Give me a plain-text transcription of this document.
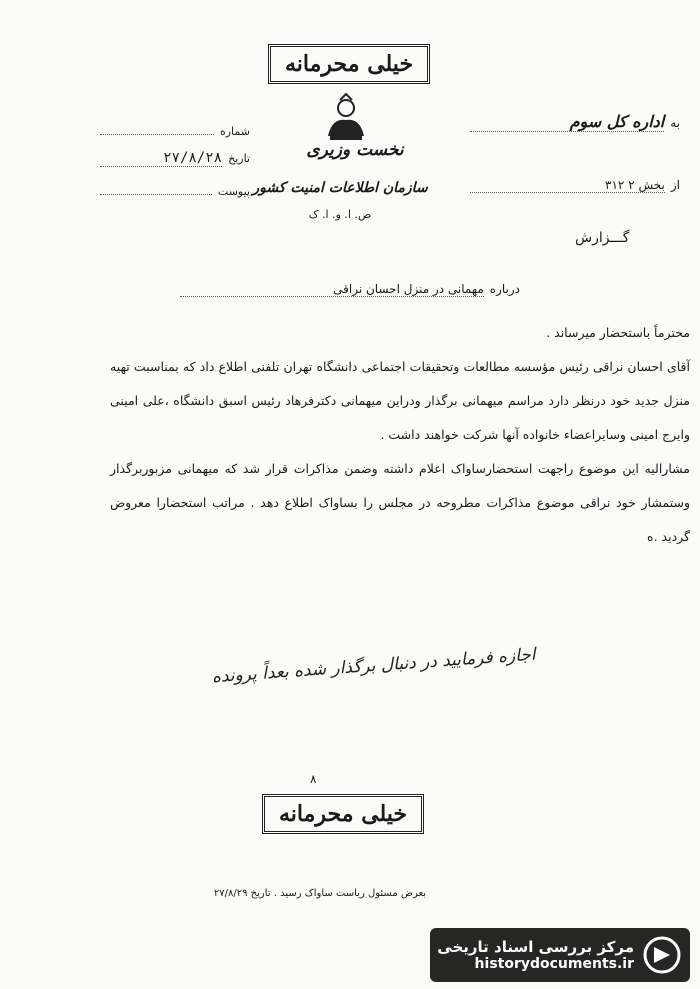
خیلی محرمانه
نخست وزیری
سازمان اطلاعات امنیت کشور
ص. ا. و. ا. ک
شماره
تاریخ
۲۷/۸/۲۸
پیوست
به
اداره کل سوم
از
بخش ۲ ۳۱۲
گـــزارش
درباره
مهمانی در منزل احسان نراقی

محترماً باستحضار میرساند .

آقای احسان نراقی رئیس مؤسسه مطالعات وتحقیقات اجتماعی دانشگاه تهران تلفنی اطلاع داد که بمناسبت تهیه منزل جدید خود درنظر دارد مراسم میهمانی برگذار ودراین میهمانی دکترفرهاد رئیس اسبق دانشگاه ،علی امینی وایرج امینی وسایراعضاء خانواده آنها شرکت خواهند داشت .

مشارالیه این موضوع راجهت استحضارساواک اعلام داشته وضمن مذاکرات قرار شد که میهمانی مزبوربرگذار وستمشار خود نراقی موضوع مذاکرات مطروحه در مجلس را بساواک اطلاع دهد . مراتب استحضارا معروض گردید .ه

اجازه فرمایید در دنبال برگذار شده بعداً پرونده
۸
خیلی محرمانه
بعرض مسئول ریاست ساواک رسید . تاریخ ۲۷/۸/۲۹
مرکز بررسی اسناد تاریخی
historydocuments.ir
